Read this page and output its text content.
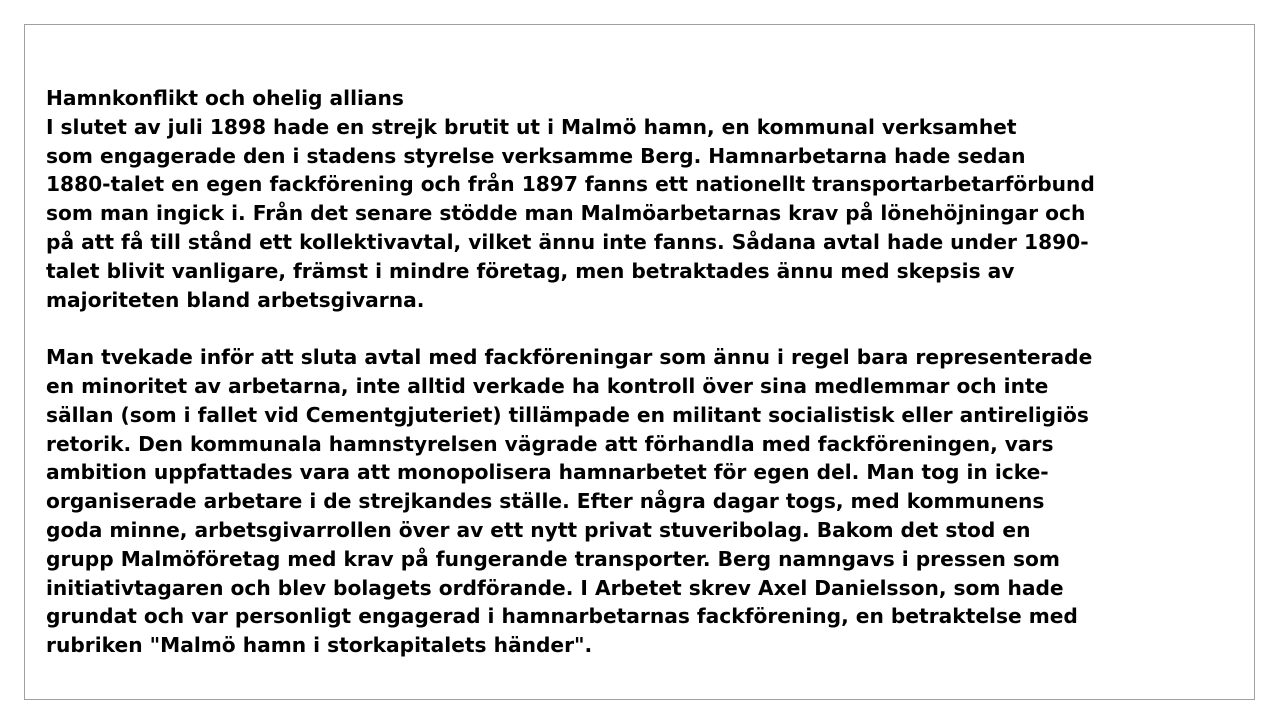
Hamnkonflikt och ohelig allians
I slutet av juli 1898 hade en strejk brutit ut i Malmö hamn, en kommunal verksamhet
som engagerade den i stadens styrelse verksamme Berg. Hamnarbetarna hade sedan
1880-talet en egen fackförening och från 1897 fanns ett nationellt transportarbetarförbund
som man ingick i. Från det senare stödde man Malmöarbetarnas krav på lönehöjningar och
på att få till stånd ett kollektivavtal, vilket ännu inte fanns. Sådana avtal hade under 1890-
talet blivit vanligare, främst i mindre företag, men betraktades ännu med skepsis av
majoriteten bland arbetsgivarna.
Man tvekade inför att sluta avtal med fackföreningar som ännu i regel bara representerade
en minoritet av arbetarna, inte alltid verkade ha kontroll över sina medlemmar och inte
sällan (som i fallet vid Cementgjuteriet) tillämpade en militant socialistisk eller antireligiös
retorik. Den kommunala hamnstyrelsen vägrade att förhandla med fackföreningen, vars
ambition uppfattades vara att monopolisera hamnarbetet för egen del. Man tog in icke-
organiserade arbetare i de strejkandes ställe. Efter några dagar togs, med kommunens
goda minne, arbetsgivarrollen över av ett nytt privat stuveribolag. Bakom det stod en
grupp Malmöföretag med krav på fungerande transporter. Berg namngavs i pressen som
initiativtagaren och blev bolagets ordförande. I Arbetet skrev Axel Danielsson, som hade
grundat och var personligt engagerad i hamnarbetarnas fackförening, en betraktelse med
rubriken "Malmö hamn i storkapitalets händer".
